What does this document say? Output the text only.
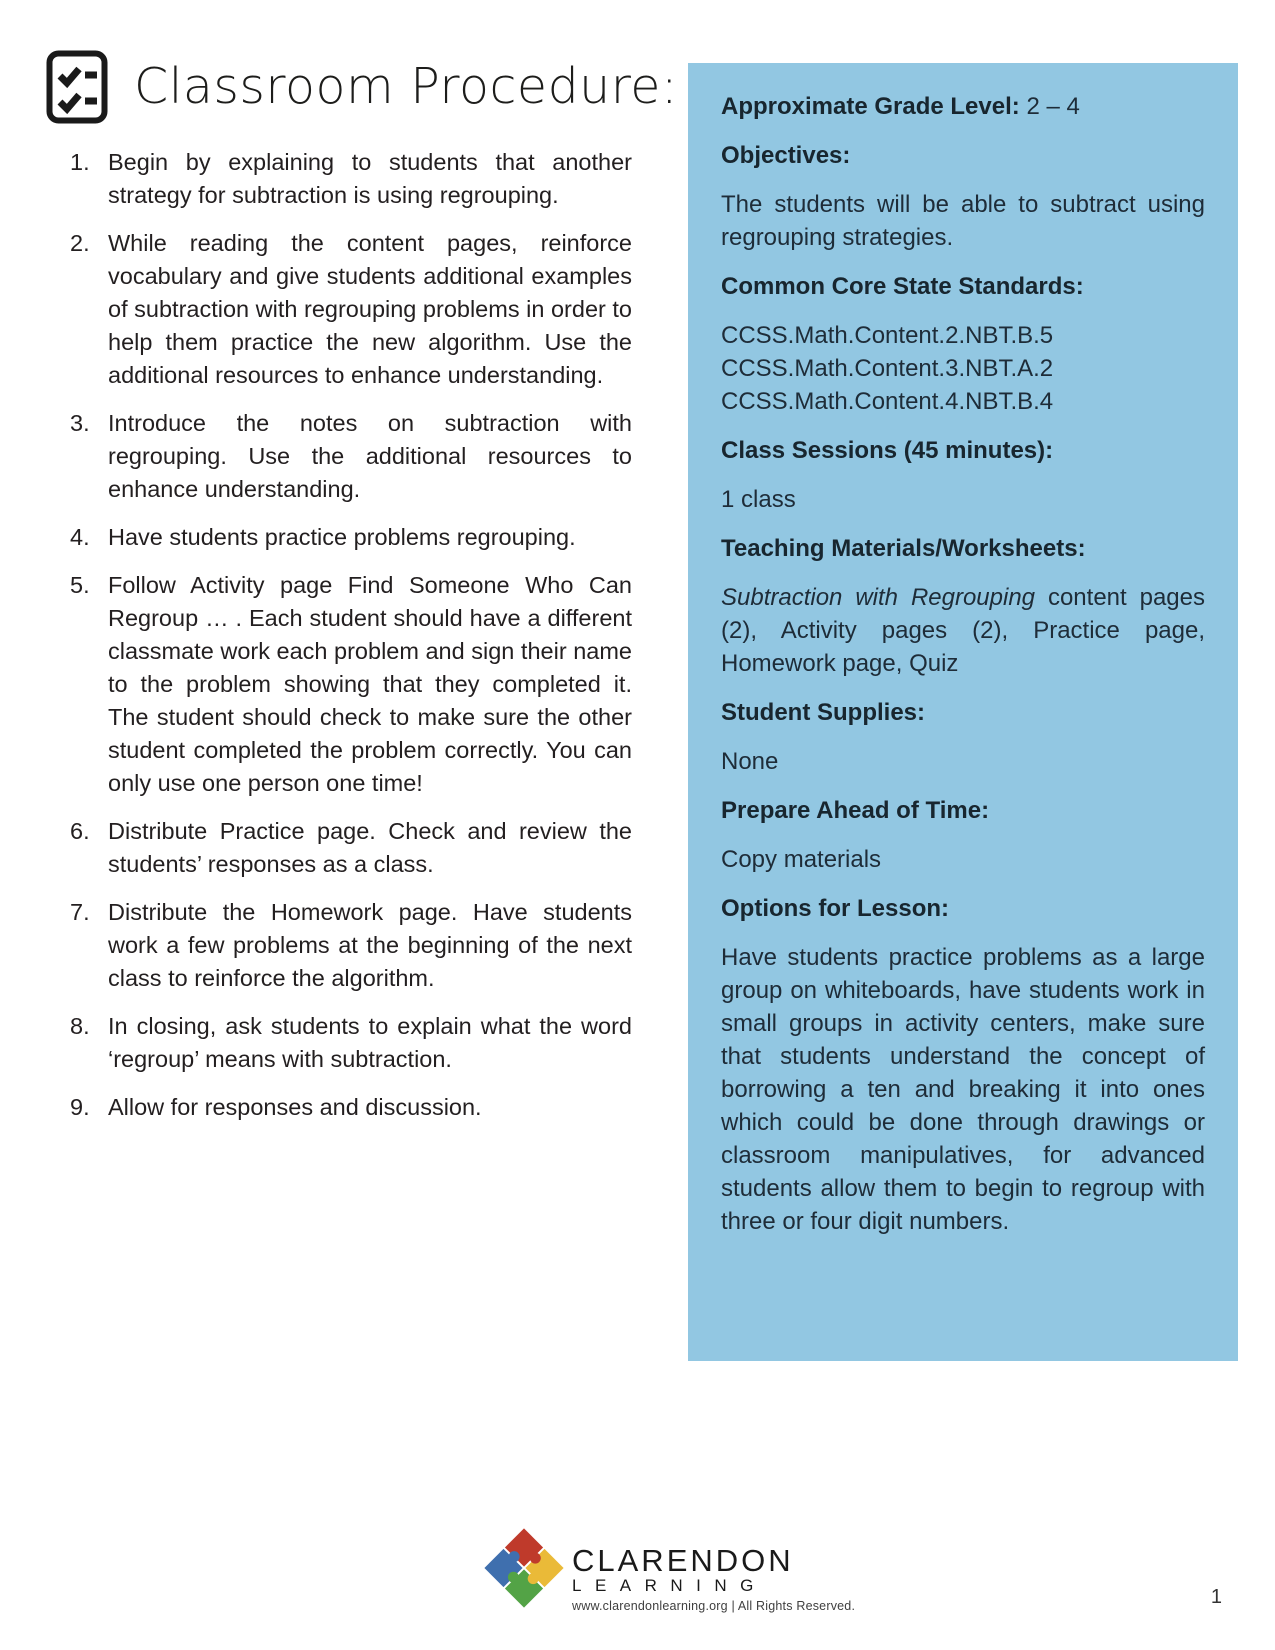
Classroom Procedure:
Begin by explaining to students that another strategy for subtraction is using regrouping.
While reading the content pages, reinforce vocabulary and give students additional examples of subtraction with regrouping problems in order to help them practice the new algorithm. Use the additional resources to enhance understanding.
Introduce the notes on subtraction with regrouping. Use the additional resources to enhance understanding.
Have students practice problems regrouping.
Follow Activity page Find Someone Who Can Regroup … . Each student should have a different classmate work each problem and sign their name to the problem showing that they completed it. The student should check to make sure the other student completed the problem correctly. You can only use one person one time!
Distribute Practice page. Check and review the students’ responses as a class.
Distribute the Homework page. Have students work a few problems at the beginning of the next class to reinforce the algorithm.
In closing, ask students to explain what the word ‘regroup’ means with subtraction.
Allow for responses and discussion.
Approximate Grade Level: 2 – 4
Objectives:
The students will be able to subtract using regrouping strategies.
Common Core State Standards:
CCSS.Math.Content.2.NBT.B.5
CCSS.Math.Content.3.NBT.A.2
CCSS.Math.Content.4.NBT.B.4
Class Sessions (45 minutes):
1 class
Teaching Materials/Worksheets:
Subtraction with Regrouping content pages (2), Activity pages (2), Practice page, Homework page, Quiz
Student Supplies:
None
Prepare Ahead of Time:
Copy materials
Options for Lesson:
Have students practice problems as a large group on whiteboards, have students work in small groups in activity centers, make sure that students understand the concept of borrowing a ten and breaking it into ones which could be done through drawings or classroom manipulatives, for advanced students allow them to begin to regroup with three or four digit numbers.
CLARENDON
LEARNING
www.clarendonlearning.org | All Rights Reserved.	1
